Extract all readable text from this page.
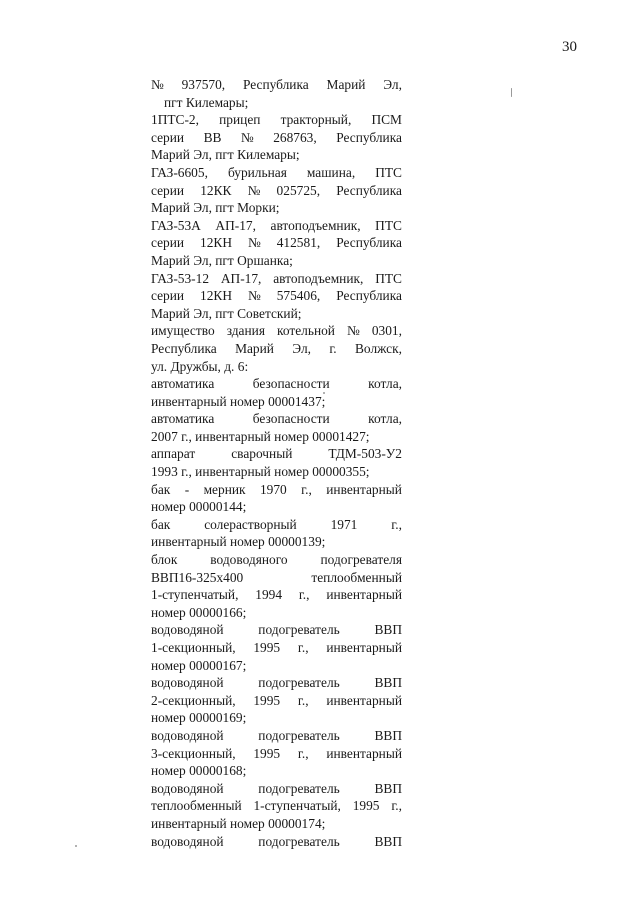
30
№ 937570, Республика Марий Эл,
пгт Килемары;
1ПТС-2, прицеп тракторный, ПСМ
серии ВВ № 268763, Республика
Марий Эл, пгт Килемары;
ГАЗ-6605, бурильная машина, ПТС
серии 12КК № 025725, Республика
Марий Эл, пгт Морки;
ГАЗ-53А АП-17, автоподъемник, ПТС
серии 12КН № 412581, Республика
Марий Эл, пгт Оршанка;
ГАЗ-53-12 АП-17, автоподъемник, ПТС
серии 12КН № 575406, Республика
Марий Эл, пгт Советский;
имущество здания котельной № 0301,
Республика Марий Эл, г. Волжск,
ул. Дружбы, д. 6:
автоматика	безопасности	котла,
инвентарный номер 00001437;
автоматика	безопасности	котла,
2007 г., инвентарный номер 00001427;
аппарат	сварочный	ТДМ-503-У2
1993 г., инвентарный номер 00000355;
бак - мерник 1970 г., инвентарный
номер 00000144;
бак	солерастворный	1971	г.,
инвентарный номер 00000139;
блок водоводяного подогревателя
ВВП16-325х400	теплообменный
1-ступенчатый, 1994 г., инвентарный
номер 00000166;
водоводяной	подогреватель	ВВП
1-секционный, 1995 г., инвентарный
номер 00000167;
водоводяной	подогреватель	ВВП
2-секционный, 1995 г., инвентарный
номер 00000169;
водоводяной	подогреватель	ВВП
3-секционный, 1995 г., инвентарный
номер 00000168;
водоводяной	подогреватель	ВВП
теплообменный 1-ступенчатый, 1995 г.,
инвентарный номер 00000174;
водоводяной	подогреватель	ВВП
